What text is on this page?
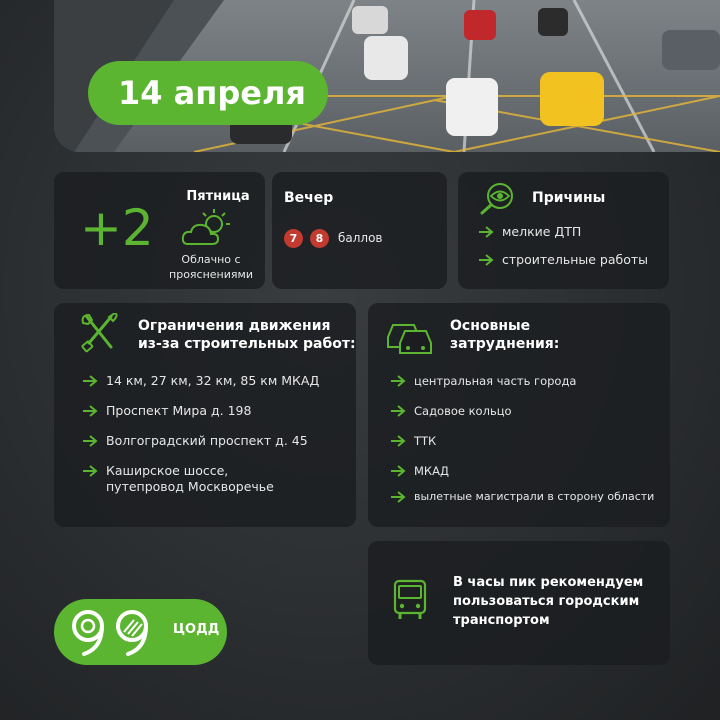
14 апреля
+2
Пятница
Облачно с прояснениями
Вечер
7	8	баллов
Причины
мелкие ДТП
строительные работы
Ограничения движения
из-за строительных работ:
14 км, 27 км, 32 км, 85 км МКАД
Проспект Мира д. 198
Волгоградский проспект д. 45
Каширское шоссе,
путепровод Москворечье
Основные
затруднения:
центральная часть города
Садовое кольцо
ТТК
МКАД
вылетные магистрали в сторону области
В часы пик рекомендуем
пользоваться городским
транспортом
ЦОДД
